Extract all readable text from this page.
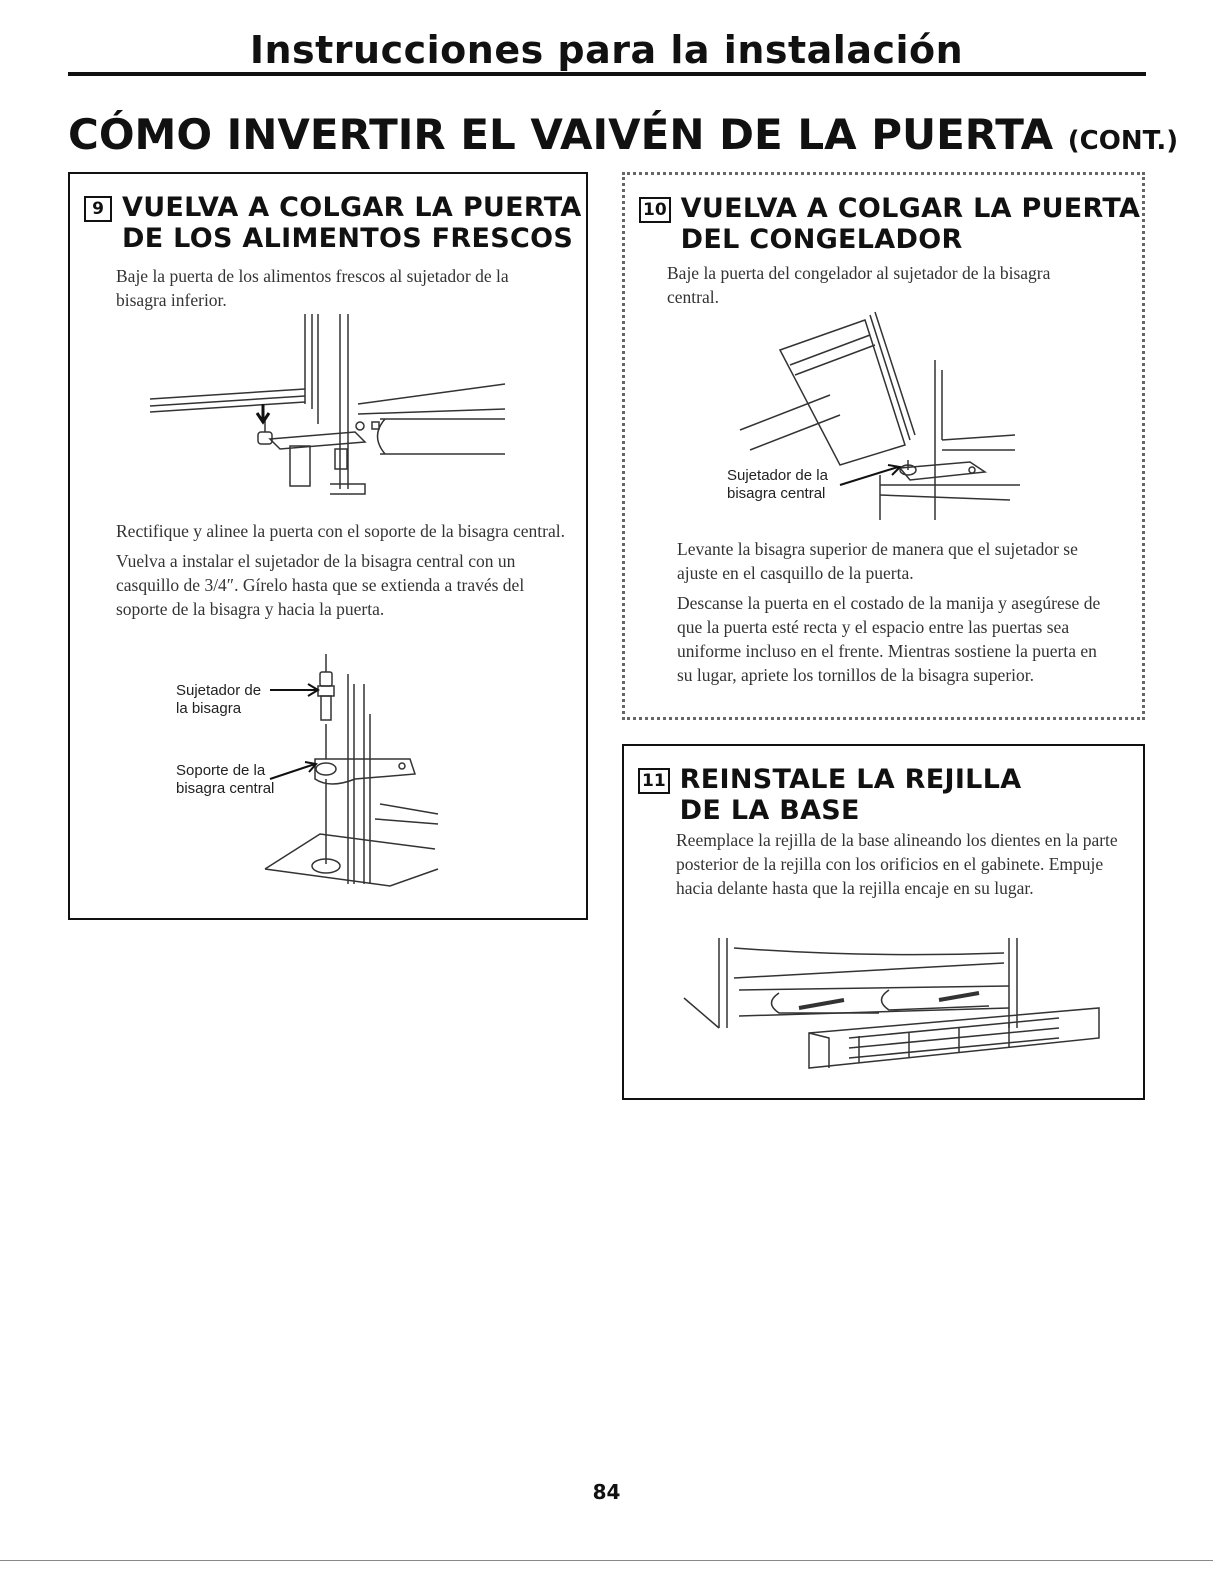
Instrucciones para la instalación
CÓMO INVERTIR EL VAIVÉN DE LA PUERTA (CONT.)
9 VUELVA A COLGAR LA PUERTA
DE LOS ALIMENTOS FRESCOS

Baje la puerta de los alimentos frescos al sujetador de la bisagra inferior.

Rectifique y alinee la puerta con el soporte de la bisagra central.

Vuelva a instalar el sujetador de la bisagra central con un casquillo de 3/4″. Gírelo hasta que se extienda a través del soporte de la bisagra y hacia la puerta.

Sujetador de
la bisagra
Soporte de la
bisagra central
10 VUELVA A COLGAR LA PUERTA
DEL CONGELADOR

Baje la puerta del congelador al sujetador de la bisagra central.

Sujetador de la
bisagra central

Levante la bisagra superior de manera que el sujetador se ajuste en el casquillo de la puerta.

Descanse la puerta en el costado de la manija y asegúrese de que la puerta esté recta y el espacio entre las puertas sea uniforme incluso en el frente. Mientras sostiene la puerta en su lugar, apriete los tornillos de la bisagra superior.

11 REINSTALE LA REJILLA
DE LA BASE

Reemplace la rejilla de la base alineando los dientes en la parte posterior de la rejilla con los orificios en el gabinete. Empuje hacia delante hasta que la rejilla encaje en su lugar.

84
